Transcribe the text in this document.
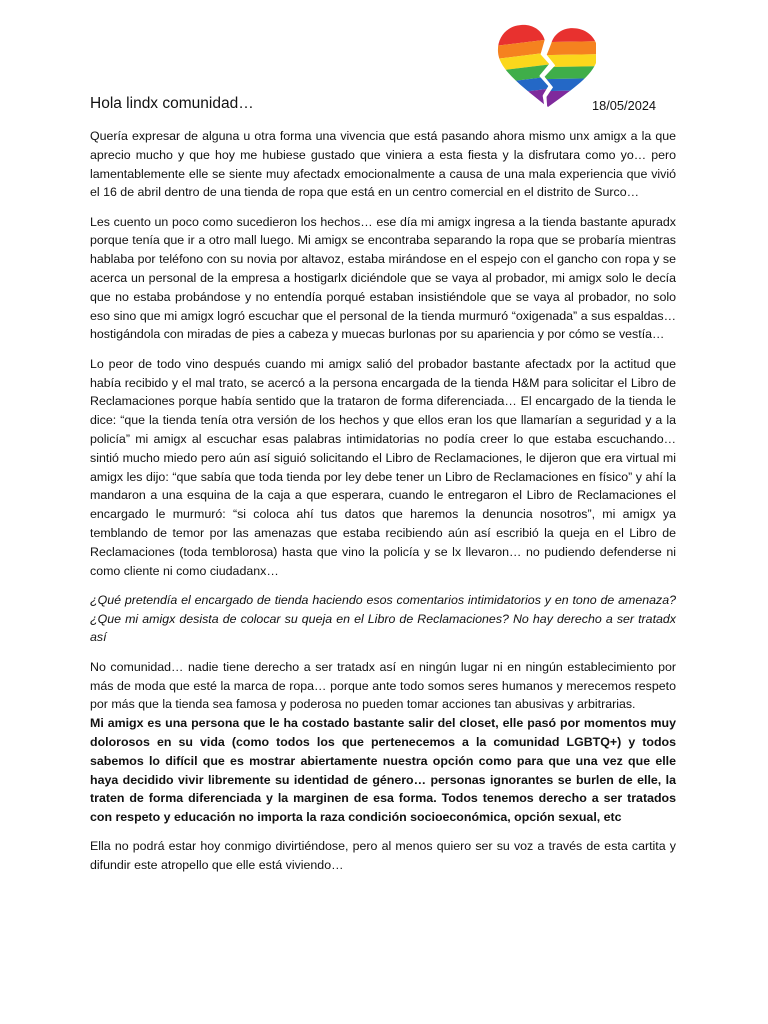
Hola lindx comunidad…	18/05/2024

Quería expresar de alguna u otra forma una vivencia que está pasando ahora mismo unx amigx a la que aprecio mucho y que hoy me hubiese gustado que viniera a esta fiesta y la disfrutara como yo… pero lamentablemente elle se siente muy afectadx emocionalmente a causa de una mala experiencia que vivió el 16 de abril dentro de una tienda de ropa que está en un centro comercial en el distrito de Surco…

Les cuento un poco como sucedieron los hechos… ese día mi amigx ingresa a la tienda bastante apuradx porque tenía que ir a otro mall luego. Mi amigx se encontraba separando la ropa que se probaría mientras hablaba por teléfono con su novia por altavoz, estaba mirándose en el espejo con el gancho con ropa y se acerca un personal de la empresa a hostigarlx diciéndole que se vaya al probador, mi amigx solo le decía que no estaba probándose y no entendía porqué estaban insistiéndole que se vaya al probador, no solo eso sino que mi amigx logró escuchar que el personal de la tienda murmuró “oxigenada” a sus espaldas… hostigándola con miradas de pies a cabeza y muecas burlonas por su apariencia y por cómo se vestía…

Lo peor de todo vino después cuando mi amigx salió del probador bastante afectadx por la actitud que había recibido y el mal trato, se acercó a la persona encargada de la tienda H&M para solicitar el Libro de Reclamaciones porque había sentido que la trataron de forma diferenciada… El encargado de la tienda le dice: “que la tienda tenía otra versión de los hechos y que ellos eran los que llamarían a seguridad y a la policía” mi amigx al escuchar esas palabras intimidatorias no podía creer lo que estaba escuchando… sintió mucho miedo pero aún así siguió solicitando el Libro de Reclamaciones, le dijeron que era virtual mi amigx les dijo: “que sabía que toda tienda por ley debe tener un Libro de Reclamaciones en físico” y ahí la mandaron a una esquina de la caja a que esperara, cuando le entregaron el Libro de Reclamaciones el encargado le murmuró: “si coloca ahí tus datos que haremos la denuncia nosotros”, mi amigx ya temblando de temor por las amenazas que estaba recibiendo aún así escribió la queja en el Libro de Reclamaciones (toda temblorosa) hasta que vino la policía y se lx llevaron… no pudiendo defenderse ni como cliente ni como ciudadanx…

¿Qué pretendía el encargado de tienda haciendo esos comentarios intimidatorios y en tono de amenaza? ¿Que mi amigx desista de colocar su queja en el Libro de Reclamaciones? No hay derecho a ser tratadx así

No comunidad… nadie tiene derecho a ser tratadx así en ningún lugar ni en ningún establecimiento por más de moda que esté la marca de ropa… porque ante todo somos seres humanos y merecemos respeto por más que la tienda sea famosa y poderosa no pueden tomar acciones tan abusivas y arbitrarias.

Mi amigx es una persona que le ha costado bastante salir del closet, elle pasó por momentos muy dolorosos en su vida (como todos los que pertenecemos a la comunidad LGBTQ+) y todos sabemos lo difícil que es mostrar abiertamente nuestra opción como para que una vez que elle haya decidido vivir libremente su identidad de género… personas ignorantes se burlen de elle, la traten de forma diferenciada y la marginen de esa forma. Todos tenemos derecho a ser tratados con respeto y educación no importa la raza condición socioeconómica, opción sexual, etc

Ella no podrá estar hoy conmigo divirtiéndose, pero al menos quiero ser su voz a través de esta cartita y difundir este atropello que elle está viviendo…
